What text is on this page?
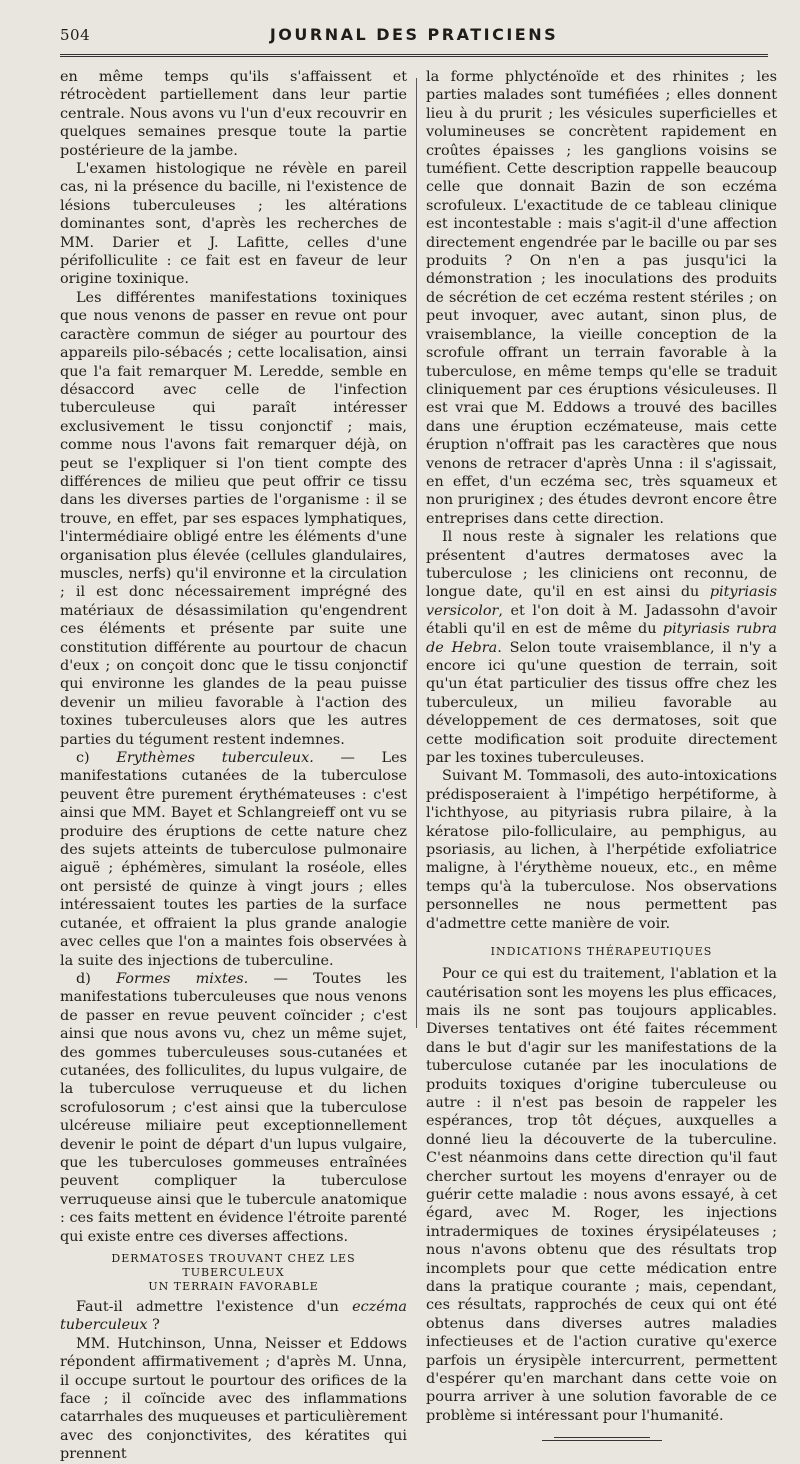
504	JOURNAL DES PRATICIENS

en même temps qu'ils s'affaissent et rétrocèdent partiellement dans leur partie centrale. Nous avons vu l'un d'eux recouvrir en quelques semaines presque toute la partie postérieure de la jambe.

L'examen histologique ne révèle en pareil cas, ni la présence du bacille, ni l'existence de lésions tuberculeuses ; les altérations dominantes sont, d'après les recherches de MM. Darier et J. Lafitte, celles d'une périfolliculite : ce fait est en faveur de leur origine toxinique.

Les différentes manifestations toxiniques que nous venons de passer en revue ont pour caractère commun de siéger au pourtour des appareils pilo-sébacés ; cette localisation, ainsi que l'a fait remarquer M. Leredde, semble en désaccord avec celle de l'infection tuberculeuse qui paraît intéresser exclusivement le tissu conjonctif ; mais, comme nous l'avons fait remarquer déjà, on peut se l'expliquer si l'on tient compte des différences de milieu que peut offrir ce tissu dans les diverses parties de l'organisme : il se trouve, en effet, par ses espaces lymphatiques, l'intermédiaire obligé entre les éléments d'une organisation plus élevée (cellules glandulaires, muscles, nerfs) qu'il environne et la circulation ; il est donc nécessairement imprégné des matériaux de désassimilation qu'engendrent ces éléments et présente par suite une constitution différente au pourtour de chacun d'eux ; on conçoit donc que le tissu conjonctif qui environne les glandes de la peau puisse devenir un milieu favorable à l'action des toxines tuberculeuses alors que les autres parties du tégument restent indemnes.

c) Erythèmes tuberculeux. — Les manifestations cutanées de la tuberculose peuvent être purement érythémateuses : c'est ainsi que MM. Bayet et Schlangreieff ont vu se produire des éruptions de cette nature chez des sujets atteints de tuberculose pulmonaire aiguë ; éphémères, simulant la roséole, elles ont persisté de quinze à vingt jours ; elles intéressaient toutes les parties de la surface cutanée, et offraient la plus grande analogie avec celles que l'on a maintes fois observées à la suite des injections de tuberculine.

d) Formes mixtes. — Toutes les manifestations tuberculeuses que nous venons de passer en revue peuvent coïncider ; c'est ainsi que nous avons vu, chez un même sujet, des gommes tuberculeuses sous-cutanées et cutanées, des folliculites, du lupus vulgaire, de la tuberculose verruqueuse et du lichen scrofulosorum ; c'est ainsi que la tuberculose ulcéreuse miliaire peut exceptionnellement devenir le point de départ d'un lupus vulgaire, que les tuberculoses gommeuses entraînées peuvent compliquer la tuberculose verruqueuse ainsi que le tubercule anatomique : ces faits mettent en évidence l'étroite parenté qui existe entre ces diverses affections.

DERMATOSES TROUVANT CHEZ LES TUBERCULEUX
UN TERRAIN FAVORABLE

Faut-il admettre l'existence d'un eczéma tuberculeux ?

MM. Hutchinson, Unna, Neisser et Eddows répondent affirmativement ; d'après M. Unna, il occupe surtout le pourtour des orifices de la face ; il coïncide avec des inflammations catarrhales des muqueuses et particulièrement avec des conjonctivites, des kératites qui prennent

la forme phlycténoïde et des rhinites ; les parties malades sont tuméfiées ; elles donnent lieu à du prurit ; les vésicules superficielles et volumineuses se concrètent rapidement en croûtes épaisses ; les ganglions voisins se tuméfient. Cette description rappelle beaucoup celle que donnait Bazin de son eczéma scrofuleux. L'exactitude de ce tableau clinique est incontestable : mais s'agit-il d'une affection directement engendrée par le bacille ou par ses produits ? On n'en a pas jusqu'ici la démonstration ; les inoculations des produits de sécrétion de cet eczéma restent stériles ; on peut invoquer, avec autant, sinon plus, de vraisemblance, la vieille conception de la scrofule offrant un terrain favorable à la tuberculose, en même temps qu'elle se traduit cliniquement par ces éruptions vésiculeuses. Il est vrai que M. Eddows a trouvé des bacilles dans une éruption eczémateuse, mais cette éruption n'offrait pas les caractères que nous venons de retracer d'après Unna : il s'agissait, en effet, d'un eczéma sec, très squameux et non pruriginex ; des études devront encore être entreprises dans cette direction.

Il nous reste à signaler les relations que présentent d'autres dermatoses avec la tuberculose ; les cliniciens ont reconnu, de longue date, qu'il en est ainsi du pityriasis versicolor, et l'on doit à M. Jadassohn d'avoir établi qu'il en est de même du pityriasis rubra de Hebra. Selon toute vraisemblance, il n'y a encore ici qu'une question de terrain, soit qu'un état particulier des tissus offre chez les tuberculeux, un milieu favorable au développement de ces dermatoses, soit que cette modification soit produite directement par les toxines tuberculeuses.

Suivant M. Tommasoli, des auto-intoxications prédisposeraient à l'impétigo herpétiforme, à l'ichthyose, au pityriasis rubra pilaire, à la kératose pilo-folliculaire, au pemphigus, au psoriasis, au lichen, à l'herpétide exfoliatrice maligne, à l'érythème noueux, etc., en même temps qu'à la tuberculose. Nos observations personnelles ne nous permettent pas d'admettre cette manière de voir.

INDICATIONS THÉRAPEUTIQUES

Pour ce qui est du traitement, l'ablation et la cautérisation sont les moyens les plus efficaces, mais ils ne sont pas toujours applicables. Diverses tentatives ont été faites récemment dans le but d'agir sur les manifestations de la tuberculose cutanée par les inoculations de produits toxiques d'origine tuberculeuse ou autre : il n'est pas besoin de rappeler les espérances, trop tôt déçues, auxquelles a donné lieu la découverte de la tuberculine. C'est néanmoins dans cette direction qu'il faut chercher surtout les moyens d'enrayer ou de guérir cette maladie : nous avons essayé, à cet égard, avec M. Roger, les injections intradermiques de toxines érysipélateuses ; nous n'avons obtenu que des résultats trop incomplets pour que cette médication entre dans la pratique courante ; mais, cependant, ces résultats, rapprochés de ceux qui ont été obtenus dans diverses autres maladies infectieuses et de l'action curative qu'exerce parfois un érysipèle intercurrent, permettent d'espérer qu'en marchant dans cette voie on pourra arriver à une solution favorable de ce problème si intéressant pour l'humanité.
